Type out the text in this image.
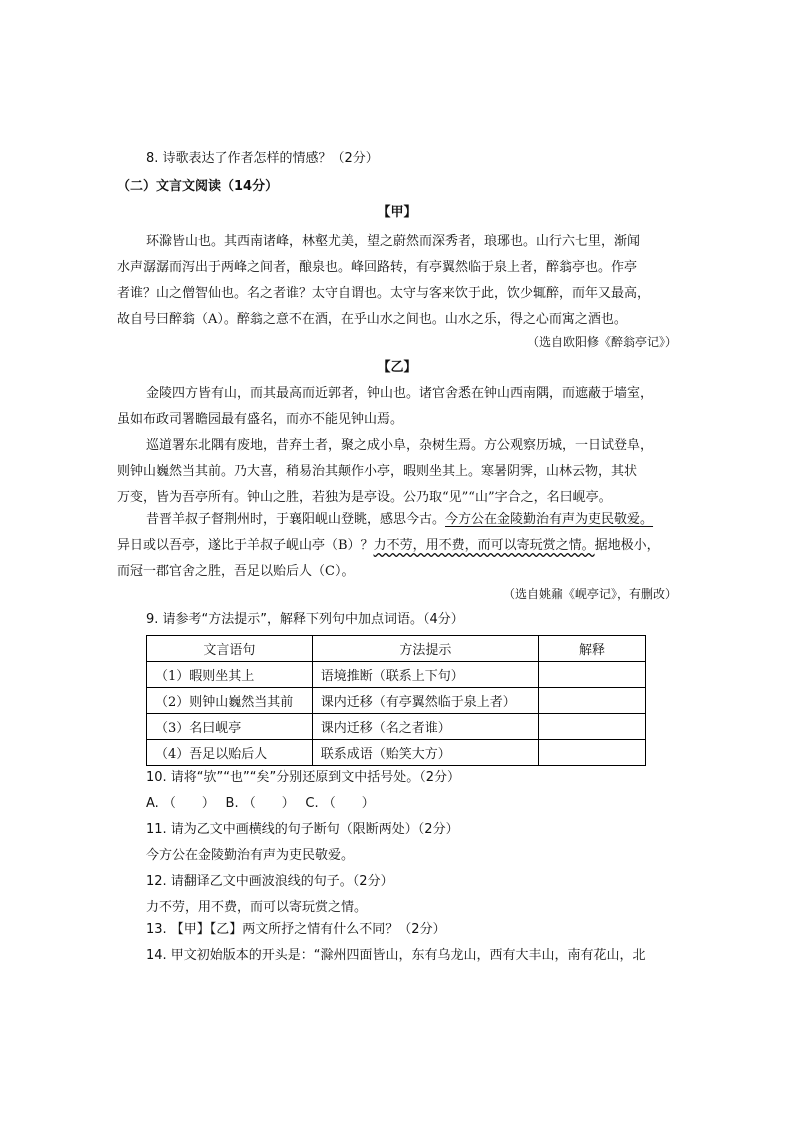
8. 诗歌表达了作者怎样的情感？（2分）
（二）文言文阅读（14分）
【甲】
环滁皆山也。其西南诸峰，林壑尤美，望之蔚然而深秀者，琅琊也。山行六七里，渐闻
水声潺潺而泻出于两峰之间者，酿泉也。峰回路转，有亭翼然临于泉上者，醉翁亭也。作亭
者谁？山之僧智仙也。名之者谁？太守自谓也。太守与客来饮于此，饮少辄醉，而年又最高，
故自号曰醉翁（A）。醉翁之意不在酒，在乎山水之间也。山水之乐，得之心而寓之酒也。
（选自欧阳修《醉翁亭记》）
【乙】
金陵四方皆有山，而其最高而近郭者，钟山也。诸官舍悉在钟山西南隅，而遮蔽于墙室，
虽如布政司署瞻园最有盛名，而亦不能见钟山焉。
巡道署东北隅有废地，昔弃土者，聚之成小阜，杂树生焉。方公观察历城，一日试登阜，
则钟山巍然当其前。乃大喜，稍易治其颠作小亭，暇则坐其上。寒暑阴霁，山林云物，其状
万变，皆为吾亭所有。钟山之胜，若独为是亭设。公乃取“见”“山”字合之，名曰岘亭。
昔晋羊叔子督荆州时，于襄阳岘山登眺，感思今古。今方公在金陵勤治有声为吏民敬爱。
异日或以吾亭，遂比于羊叔子岘山亭（B）？力不劳，用不费，而可以寄玩赏之情。据地极小，
而冠一郡官舍之胜，吾足以贻后人（C）。
（选自姚鼐《岘亭记》，有删改）
9. 请参考“方法提示”，解释下列句中加点词语。（4分）
文言语句	方法提示	解释
（1）暇则坐其上	语境推断（联系上下句）	
（2）则钟山巍然当其前	课内迁移（有亭翼然临于泉上者）	
（3）名曰岘亭	课内迁移（名之者谁）	
（4）吾足以贻后人	联系成语（贻笑大方）	
10. 请将“欤”“也”“矣”分别还原到文中括号处。（2分）
A. （　　）　 B. （　　）　 C. （　　）
11. 请为乙文中画横线的句子断句（限断两处）（2分）
今方公在金陵勤治有声为吏民敬爱。
12. 请翻译乙文中画波浪线的句子。（2分）
力不劳，用不费，而可以寄玩赏之情。
13. 【甲】【乙】两文所抒之情有什么不同？（2分）
14. 甲文初始版本的开头是：“滁州四面皆山，东有乌龙山，西有大丰山，南有花山，北
